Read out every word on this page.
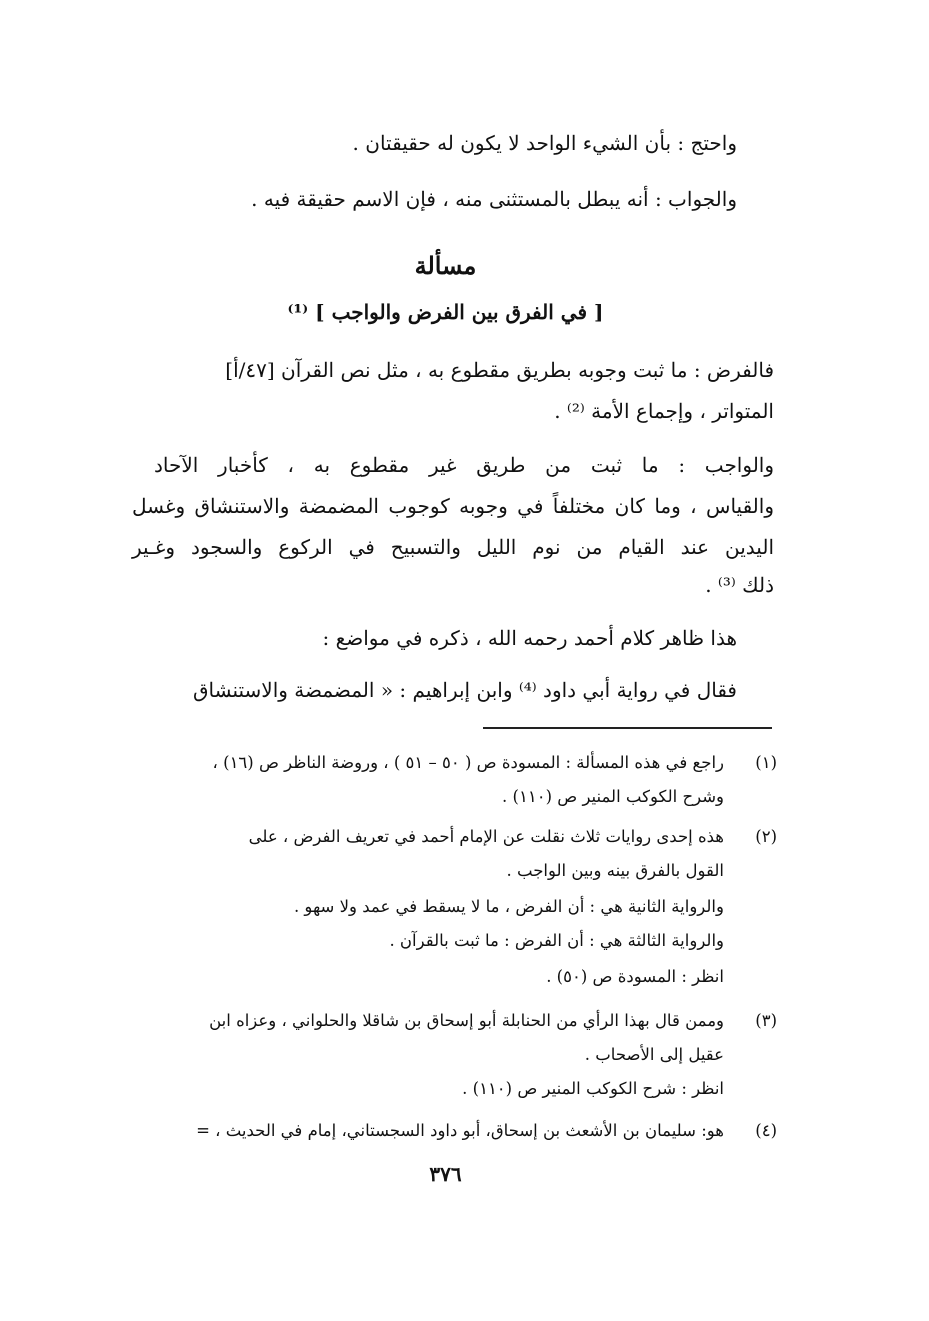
واحتج : بأن الشيء الواحد لا يكون له حقيقتان .
والجواب : أنه يبطل بالمستثنى منه ، فإن الاسم حقيقة فيه .
مسألة
[ في الفرق بين الفرض والواجب ] ⁽¹⁾
فالفرض : ما ثبت وجوبه بطريق مقطوع به ، مثل نص القرآن [٤٧/أ]
المتواتر ، وإجماع الأمة ⁽²⁾ .
والواجب : ما ثبت من طريق غير مقطوع به ، كأخبار الآحاد
والقياس ، وما كان مختلفاً في وجوبه كوجوب المضمضة والاستنشاق وغسل
اليدين عند القيام من نوم الليل والتسبيح في الركوع والسجود وغـير
ذلك ⁽³⁾ .
هذا ظاهر كلام أحمد رحمه الله ، ذكره في مواضع :
فقال في رواية أبي داود ⁽⁴⁾ وابن إبراهيم : « المضمضة والاستنشاق
(١)
راجع في هذه المسألة : المسودة ص ( ٥٠ – ٥١ ) ، وروضة الناظر ص (١٦) ،
وشرح الكوكب المنير ص (١١٠) .
(٢)
هذه إحدى روايات ثلاث نقلت عن الإمام أحمد في تعريف الفرض ، على
القول بالفرق بينه وبين الواجب .
والرواية الثانية هي : أن الفرض ، ما لا يسقط في عمد ولا سهو .
والرواية الثالثة هي : أن الفرض : ما ثبت بالقرآن .
انظر : المسودة ص (٥٠) .
(٣)
وممن قال بهذا الرأي من الحنابلة أبو إسحاق بن شاقلا والحلواني ، وعزاه ابن
عقيل إلى الأصحاب .
انظر : شرح الكوكب المنير ص (١١٠) .
(٤)
هو: سليمان بن الأشعث بن إسحاق، أبو داود السجستاني، إمام في الحديث ، =
٣٧٦
